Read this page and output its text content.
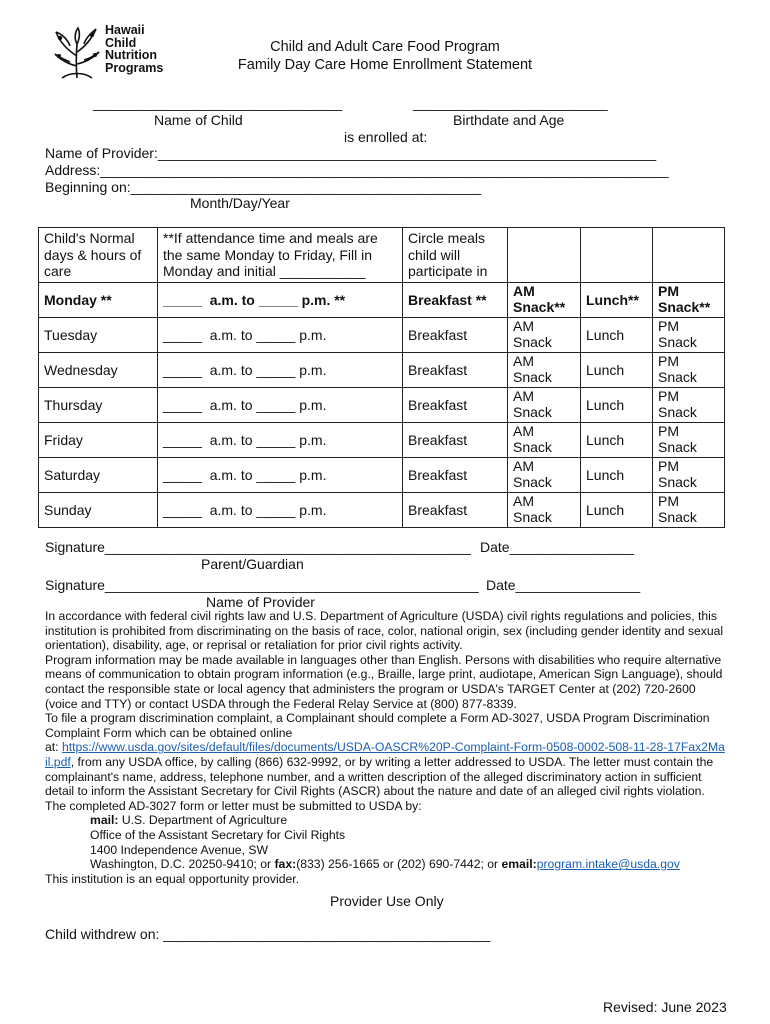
Hawaii
Child
Nutrition
Programs
Child and Adult Care Food Program
Family Day Care Home Enrollment Statement
________________________________
Name of Child
_________________________
Birthdate and Age
is enrolled at:
Name of Provider:________________________________________________________________
Address:_________________________________________________________________________
Beginning on:_____________________________________________
Month/Day/Year
Child's Normal days & hours of care	**If attendance time and meals are the same Monday to Friday, Fill in Monday and initial ___________	Circle meals child will participate in			
Monday **	_____ a.m. to _____ p.m. **	Breakfast **	AM Snack**	Lunch**	PM Snack**
Tuesday	_____ a.m. to _____ p.m.	Breakfast	AM Snack	Lunch	PM Snack
Wednesday	_____ a.m. to _____ p.m.	Breakfast	AM Snack	Lunch	PM Snack
Thursday	_____ a.m. to _____ p.m.	Breakfast	AM Snack	Lunch	PM Snack
Friday	_____ a.m. to _____ p.m.	Breakfast	AM Snack	Lunch	PM Snack
Saturday	_____ a.m. to _____ p.m.	Breakfast	AM Snack	Lunch	PM Snack
Sunday	_____ a.m. to _____ p.m.	Breakfast	AM Snack	Lunch	PM Snack
Signature_______________________________________________ Date________________
Parent/Guardian
Signature________________________________________________ Date________________
Name of Provider

In accordance with federal civil rights law and U.S. Department of Agriculture (USDA) civil rights regulations and policies, this institution is prohibited from discriminating on the basis of race, color, national origin, sex (including gender identity and sexual orientation), disability, age, or reprisal or retaliation for prior civil rights activity.

Program information may be made available in languages other than English. Persons with disabilities who require alternative means of communication to obtain program information (e.g., Braille, large print, audiotape, American Sign Language), should contact the responsible state or local agency that administers the program or USDA's TARGET Center at (202) 720-2600 (voice and TTY) or contact USDA through the Federal Relay Service at (800) 877-8339.

To file a program discrimination complaint, a Complainant should complete a Form AD-3027, USDA Program Discrimination Complaint Form which can be obtained online

at: https://www.usda.gov/sites/default/files/documents/USDA-OASCR%20P-Complaint-Form-0508-0002-508-11-28-17Fax2Mail.pdf, from any USDA office, by calling (866) 632-9992, or by writing a letter addressed to USDA. The letter must contain the complainant's name, address, telephone number, and a written description of the alleged discriminatory action in sufficient detail to inform the Assistant Secretary for Civil Rights (ASCR) about the nature and date of an alleged civil rights violation. The completed AD-3027 form or letter must be submitted to USDA by:

mail: U.S. Department of Agriculture
Office of the Assistant Secretary for Civil Rights
1400 Independence Avenue, SW
Washington, D.C. 20250-9410; or fax:(833) 256-1665 or (202) 690-7442; or email:program.intake@usda.gov
This institution is an equal opportunity provider.
Provider Use Only
Child withdrew on: __________________________________________
Revised: June 2023
